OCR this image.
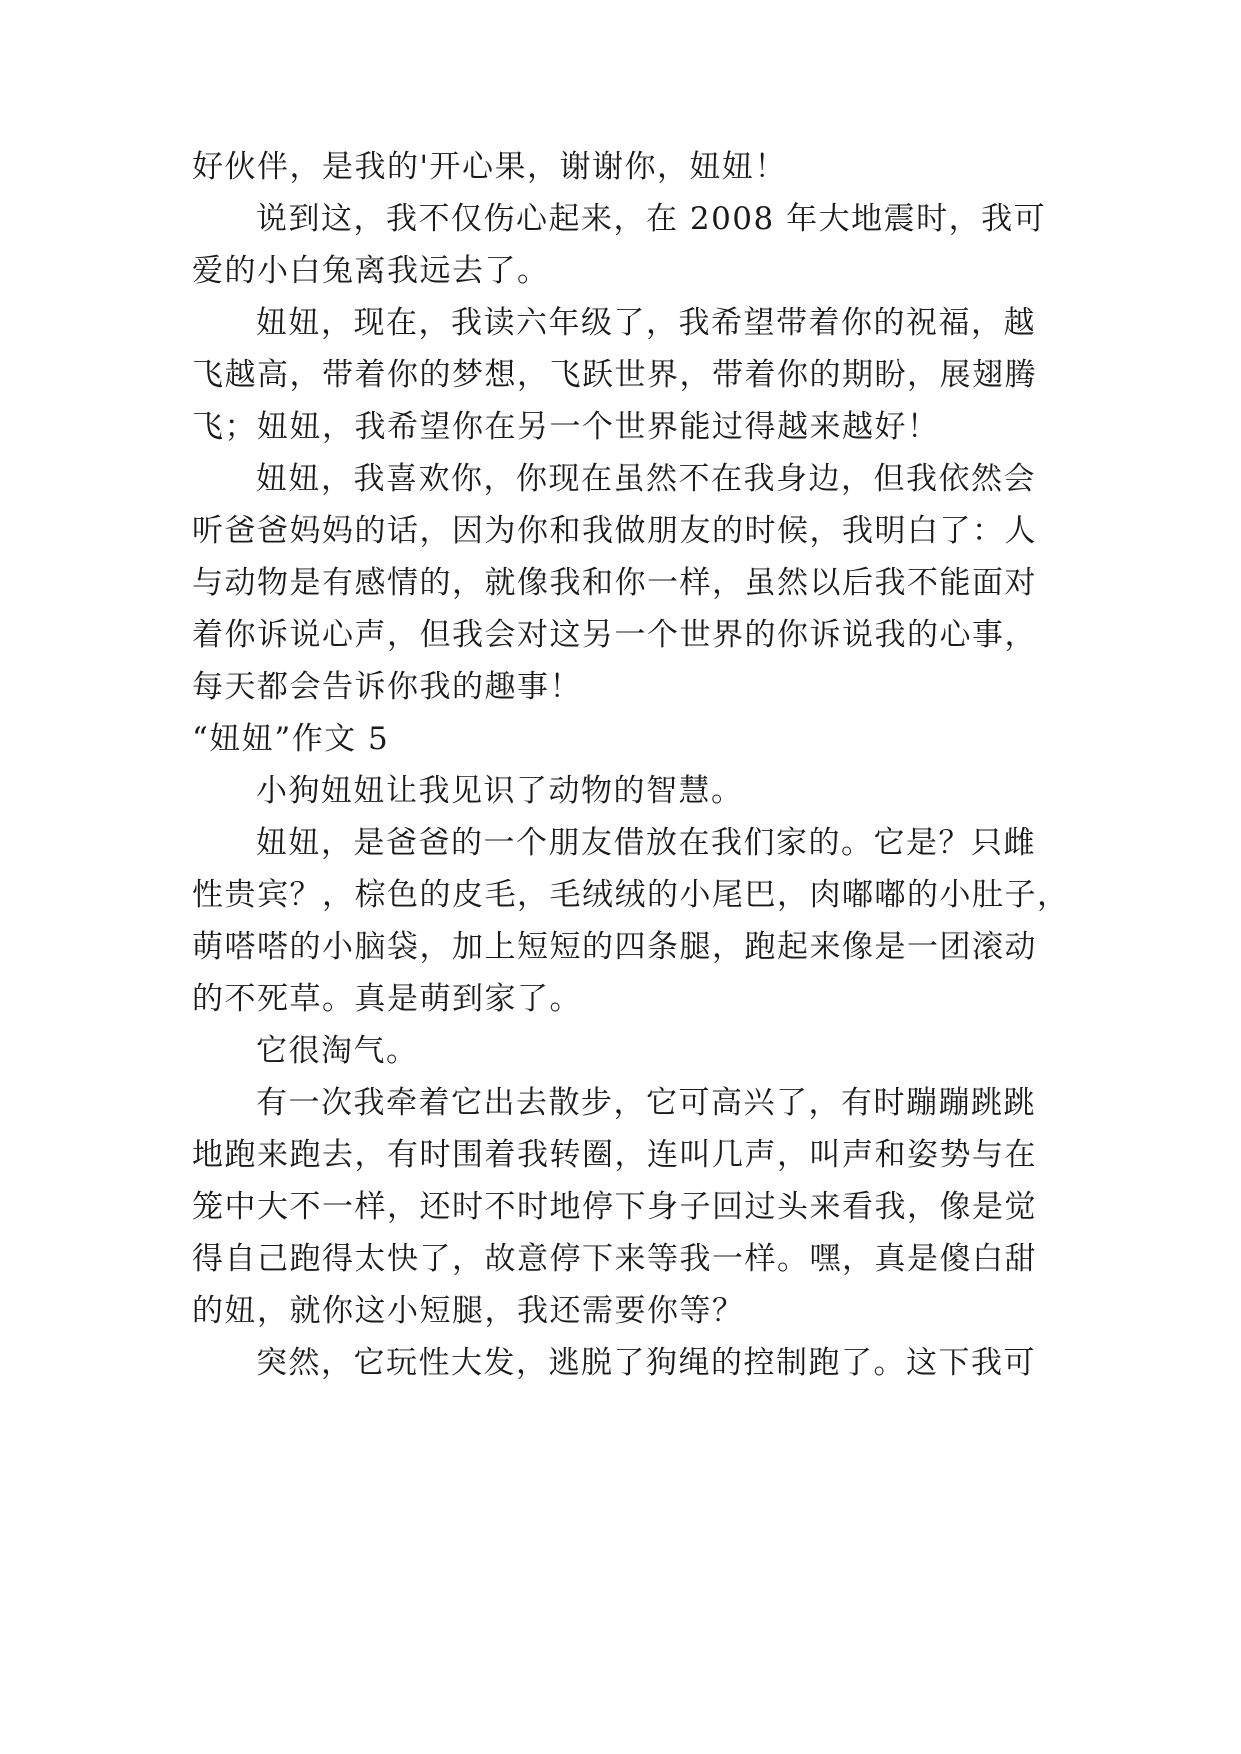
好伙伴，是我的'开心果，谢谢你，妞妞！
说到这，我不仅伤心起来，在 2008 年大地震时，我可
爱的小白兔离我远去了。
妞妞，现在，我读六年级了，我希望带着你的祝福，越
飞越高，带着你的梦想，飞跃世界，带着你的期盼，展翅腾
飞；妞妞，我希望你在另一个世界能过得越来越好！
妞妞，我喜欢你，你现在虽然不在我身边，但我依然会
听爸爸妈妈的话，因为你和我做朋友的时候，我明白了：人
与动物是有感情的，就像我和你一样，虽然以后我不能面对
着你诉说心声，但我会对这另一个世界的你诉说我的心事，
每天都会告诉你我的趣事！
“妞妞”作文 5
小狗妞妞让我见识了动物的智慧。
妞妞，是爸爸的一个朋友借放在我们家的。它是？只雌
性贵宾？，棕色的皮毛，毛绒绒的小尾巴，肉嘟嘟的小肚子，
萌嗒嗒的小脑袋，加上短短的四条腿，跑起来像是一团滚动
的不死草。真是萌到家了。
它很淘气。
有一次我牵着它出去散步，它可高兴了，有时蹦蹦跳跳
地跑来跑去，有时围着我转圈，连叫几声，叫声和姿势与在
笼中大不一样，还时不时地停下身子回过头来看我，像是觉
得自己跑得太快了，故意停下来等我一样。嘿，真是傻白甜
的妞，就你这小短腿，我还需要你等？
突然，它玩性大发，逃脱了狗绳的控制跑了。这下我可
